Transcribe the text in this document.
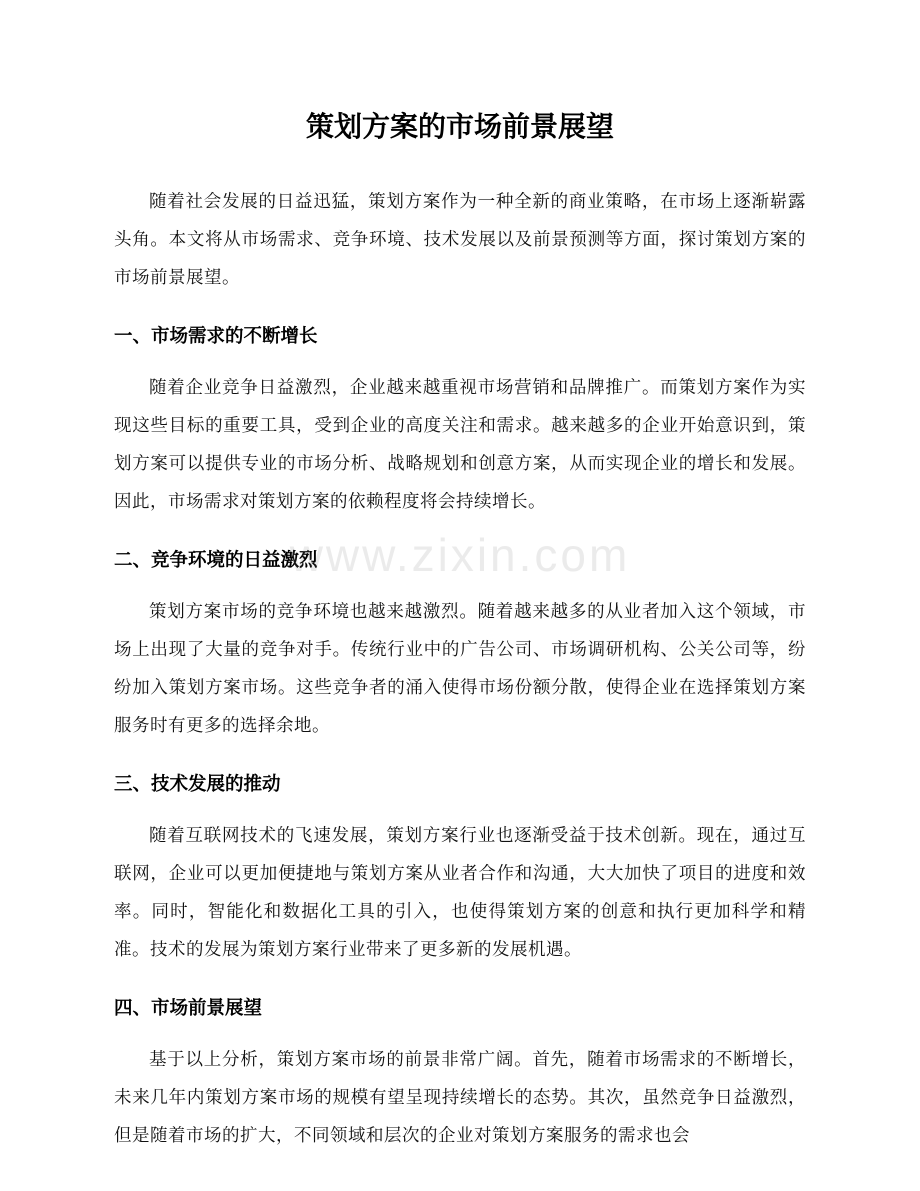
www.zixin.com
策划方案的市场前景展望

随着社会发展的日益迅猛，策划方案作为一种全新的商业策略，在市场上逐渐崭露头角。本文将从市场需求、竞争环境、技术发展以及前景预测等方面，探讨策划方案的市场前景展望。

一、市场需求的不断增长

随着企业竞争日益激烈，企业越来越重视市场营销和品牌推广。而策划方案作为实现这些目标的重要工具，受到企业的高度关注和需求。越来越多的企业开始意识到，策划方案可以提供专业的市场分析、战略规划和创意方案，从而实现企业的增长和发展。因此，市场需求对策划方案的依赖程度将会持续增长。

二、竞争环境的日益激烈

策划方案市场的竞争环境也越来越激烈。随着越来越多的从业者加入这个领域，市场上出现了大量的竞争对手。传统行业中的广告公司、市场调研机构、公关公司等，纷纷加入策划方案市场。这些竞争者的涌入使得市场份额分散，使得企业在选择策划方案服务时有更多的选择余地。

三、技术发展的推动

随着互联网技术的飞速发展，策划方案行业也逐渐受益于技术创新。现在，通过互联网，企业可以更加便捷地与策划方案从业者合作和沟通，大大加快了项目的进度和效率。同时，智能化和数据化工具的引入，也使得策划方案的创意和执行更加科学和精准。技术的发展为策划方案行业带来了更多新的发展机遇。

四、市场前景展望

基于以上分析，策划方案市场的前景非常广阔。首先，随着市场需求的不断增长，未来几年内策划方案市场的规模有望呈现持续增长的态势。其次，虽然竞争日益激烈，但是随着市场的扩大，不同领域和层次的企业对策划方案服务的需求也会
